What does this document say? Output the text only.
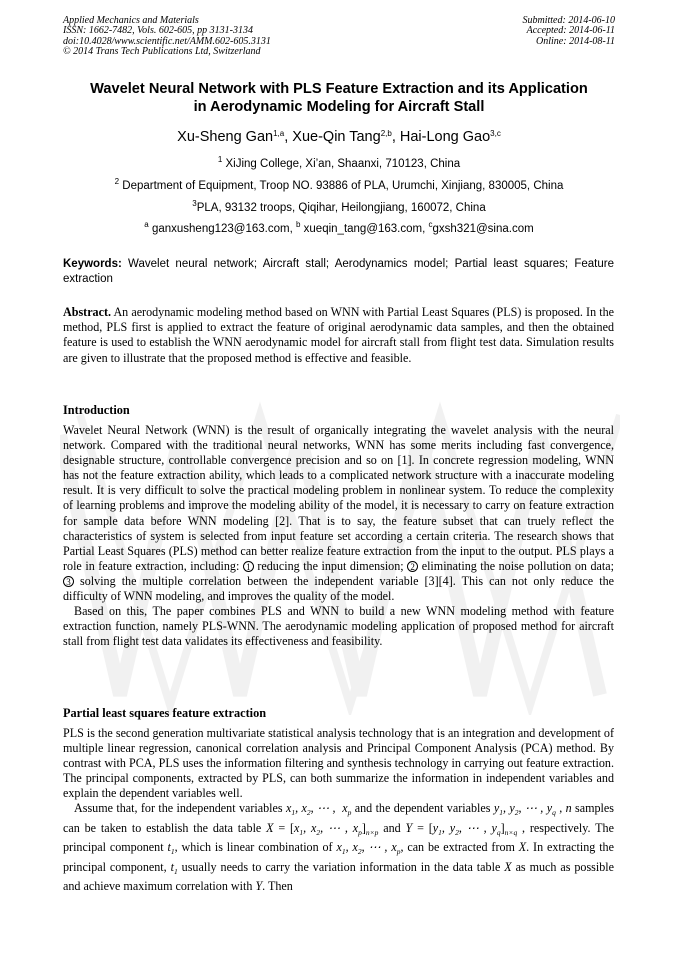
Applied Mechanics and Materials
ISSN: 1662-7482, Vols. 602-605, pp 3131-3134
doi:10.4028/www.scientific.net/AMM.602-605.3131
© 2014 Trans Tech Publications Ltd, Switzerland
Submitted: 2014-06-10
Accepted: 2014-06-11
Online: 2014-08-11
Wavelet Neural Network with PLS Feature Extraction and its Application
in Aerodynamic Modeling for Aircraft Stall
Xu-Sheng Gan$^{1,a}$, Xue-Qin Tang$^{2,b}$, Hai-Long Gao$^{3,c}$
$^1$ XiJing College, Xi’an, Shaanxi, 710123, China
$^2$ Department of Equipment, Troop NO. 93886 of PLA, Urumchi, Xinjiang, 830005, China
$^3$PLA, 93132 troops, Qiqihar, Heilongjiang, 160072, China
$^a$ ganxusheng123@163.com, $^b$ xueqin_tang@163.com, $^c$gxsh321@sina.com
Keywords: Wavelet neural network; Aircraft stall; Aerodynamics model; Partial least squares; Feature extraction
Abstract. An aerodynamic modeling method based on WNN with Partial Least Squares (PLS) is proposed. In the method, PLS first is applied to extract the feature of original aerodynamic data samples, and then the obtained feature is used to establish the WNN aerodynamic model for aircraft stall from flight test data. Simulation results are given to illustrate that the proposed method is effective and feasible.
Introduction

Wavelet Neural Network (WNN) is the result of organically integrating the wavelet analysis with the neural network. Compared with the traditional neural networks, WNN has some merits including fast convergence, designable structure, controllable convergence precision and so on [1]. In concrete regression modeling, WNN has not the feature extraction ability, which leads to a complicated network structure with a inaccurate modeling result. It is very difficult to solve the practical modeling problem in nonlinear system. To reduce the complexity of learning problems and improve the modeling ability of the model, it is necessary to carry on feature extraction for sample data before WNN modeling [2]. That is to say, the feature subset that can truely reflect the characteristics of system is selected from input feature set according a certain criteria. The research shows that Partial Least Squares (PLS) method can better realize feature extraction from the input to the output. PLS plays a role in feature extraction, including: 1 reducing the input dimension; 2 eliminating the noise pollution on data; 3 solving the multiple correlation between the independent variable [3][4]. This can not only reduce the difficulty of WNN modeling, and improves the quality of the model.

Based on this, The paper combines PLS and WNN to build a new WNN modeling method with feature extraction function, namely PLS-WNN. The aerodynamic modeling application of proposed method for aircraft stall from flight test data validates its effectiveness and feasibility.

Partial least squares feature extraction

PLS is the second generation multivariate statistical analysis technology that is an integration and development of multiple linear regression, canonical correlation analysis and Principal Component Analysis (PCA) method. By contrast with PCA, PLS uses the information filtering and synthesis technology in carrying out feature extraction. The principal components, extracted by PLS, can both summarize the information in independent variables and explain the dependent variables well.

Assume that, for the independent variables $x_1$, $x_2$, ⋯ ,  $x_p$ and the dependent variables $y_1$, $y_2$, ⋯ , $y_q$ , n samples can be taken to establish the data table $X = [x_1$, $x_2$, ⋯ , $x_p]_{n\times p}$ and $Y = [y_1$, $y_2$, ⋯ , $y_q]_{n\times q}$ , respectively. The principal component $t_1$, which is linear combination of $x_1$, $x_2$, ⋯ , $x_p$, can be extracted from X. In extracting the principal component, $t_1$ usually needs to carry the variation information in the data table X as much as possible and achieve maximum correlation with Y. Then
